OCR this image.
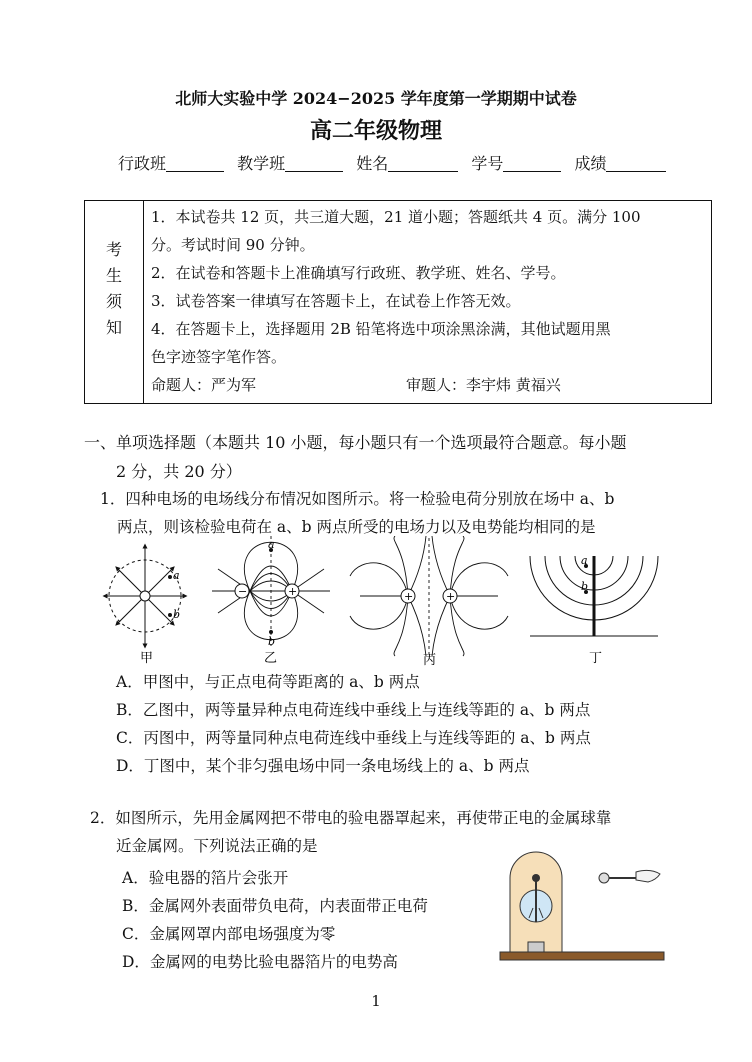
北师大实验中学 2024−2025 学年度第一学期期中试卷
高二年级物理
行政班	教学班	姓名	学号	成绩
考
生
须
知

1．本试卷共 12 页，共三道大题，21 道小题；答题纸共 4 页。满分 100

分。考试时间 90 分钟。

2．在试卷和答题卡上准确填写行政班、教学班、姓名、学号。

3．试卷答案一律填写在答题卡上，在试卷上作答无效。

4．在答题卡上，选择题用 2B 铅笔将选中项涂黑涂满，其他试题用黑

色字迹签字笔作答。

命题人：严为军	审题人：李宇炜 黄福兴

一、单项选择题（本题共 10 小题，每小题只有一个选项最符合题意。每小题
2 分，共 20 分）
1．四种电场的电场线分布情况如图所示。将一检验电荷分别放在场中 a、b
两点，则该检验电荷在 a、b 两点所受的电场力以及电势能均相同的是
a
b
甲
−	+
a
b
乙
+	+
丙
a
b
丁
A．甲图中，与正点电荷等距离的 a、b 两点
B．乙图中，两等量异种点电荷连线中垂线上与连线等距的 a、b 两点
C．丙图中，两等量同种点电荷连线中垂线上与连线等距的 a、b 两点
D．丁图中，某个非匀强电场中同一条电场线上的 a、b 两点
2．如图所示，先用金属网把不带电的验电器罩起来，再使带正电的金属球靠
近金属网。下列说法正确的是
A．验电器的箔片会张开
B．金属网外表面带负电荷，内表面带正电荷
C．金属网罩内部电场强度为零
D．金属网的电势比验电器箔片的电势高
1
